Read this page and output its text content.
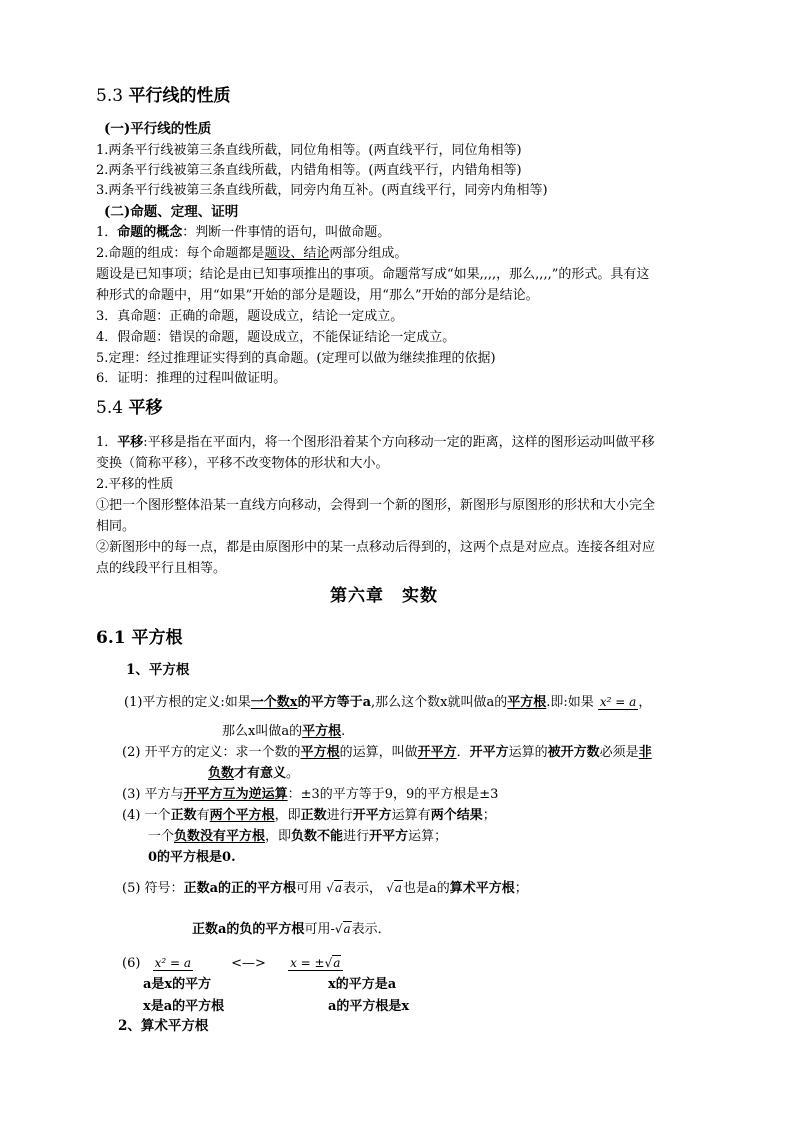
5.3 平行线的性质
(一)平行线的性质
1.两条平行线被第三条直线所截，同位角相等。(两直线平行，同位角相等)
2.两条平行线被第三条直线所截，内错角相等。(两直线平行，内错角相等)
3.两条平行线被第三条直线所截，同旁内角互补。(两直线平行，同旁内角相等)
(二)命题、定理、证明
1．命题的概念：判断一件事情的语句，叫做命题。
2.命题的组成：每个命题都是题设、结论两部分组成。
题设是已知事项；结论是由已知事项推出的事项。命题常写成“如果,,,,，那么,,,,”的形式。具有这
种形式的命题中，用“如果”开始的部分是题设，用“那么”开始的部分是结论。
3．真命题：正确的命题，题设成立，结论一定成立。
4．假命题：错误的命题，题设成立，不能保证结论一定成立。
5.定理：经过推理证实得到的真命题。(定理可以做为继续推理的依据)
6．证明：推理的过程叫做证明。
5.4 平移
1．平移:平移是指在平面内，将一个图形沿着某个方向移动一定的距离，这样的图形运动叫做平移
变换（简称平移），平移不改变物体的形状和大小。
2.平移的性质
①把一个图形整体沿某一直线方向移动，会得到一个新的图形，新图形与原图形的形状和大小完全
相同。
②新图形中的每一点，都是由原图形中的某一点移动后得到的，这两个点是对应点。连接各组对应
点的线段平行且相等。
第六章　实数
6.1 平方根
1、平方根
(1)平方根的定义:如果一个数x的平方等于a,那么这个数x就叫做a的平方根.即:如果 x² = a ，
那么x叫做a的平方根.
(2) 开平方的定义：求一个数的平方根的运算，叫做开平方．开平方运算的被开方数必须是非
负数才有意义。
(3) 平方与开平方互为逆运算：±3的平方等于9，9的平方根是±3
(4) 一个正数有两个平方根，即正数进行开平方运算有两个结果；
一个负数没有平方根，即负数不能进行开平方运算；
0的平方根是0.
(5) 符号：正数a的正的平方根可用 √a表示， √a也是a的算术平方根；
正数a的负的平方根可用-√a表示．
(6) x² = a	<—> x = ±√a
a是x的平方	x的平方是a
x是a的平方根	a的平方根是x
2、算术平方根
